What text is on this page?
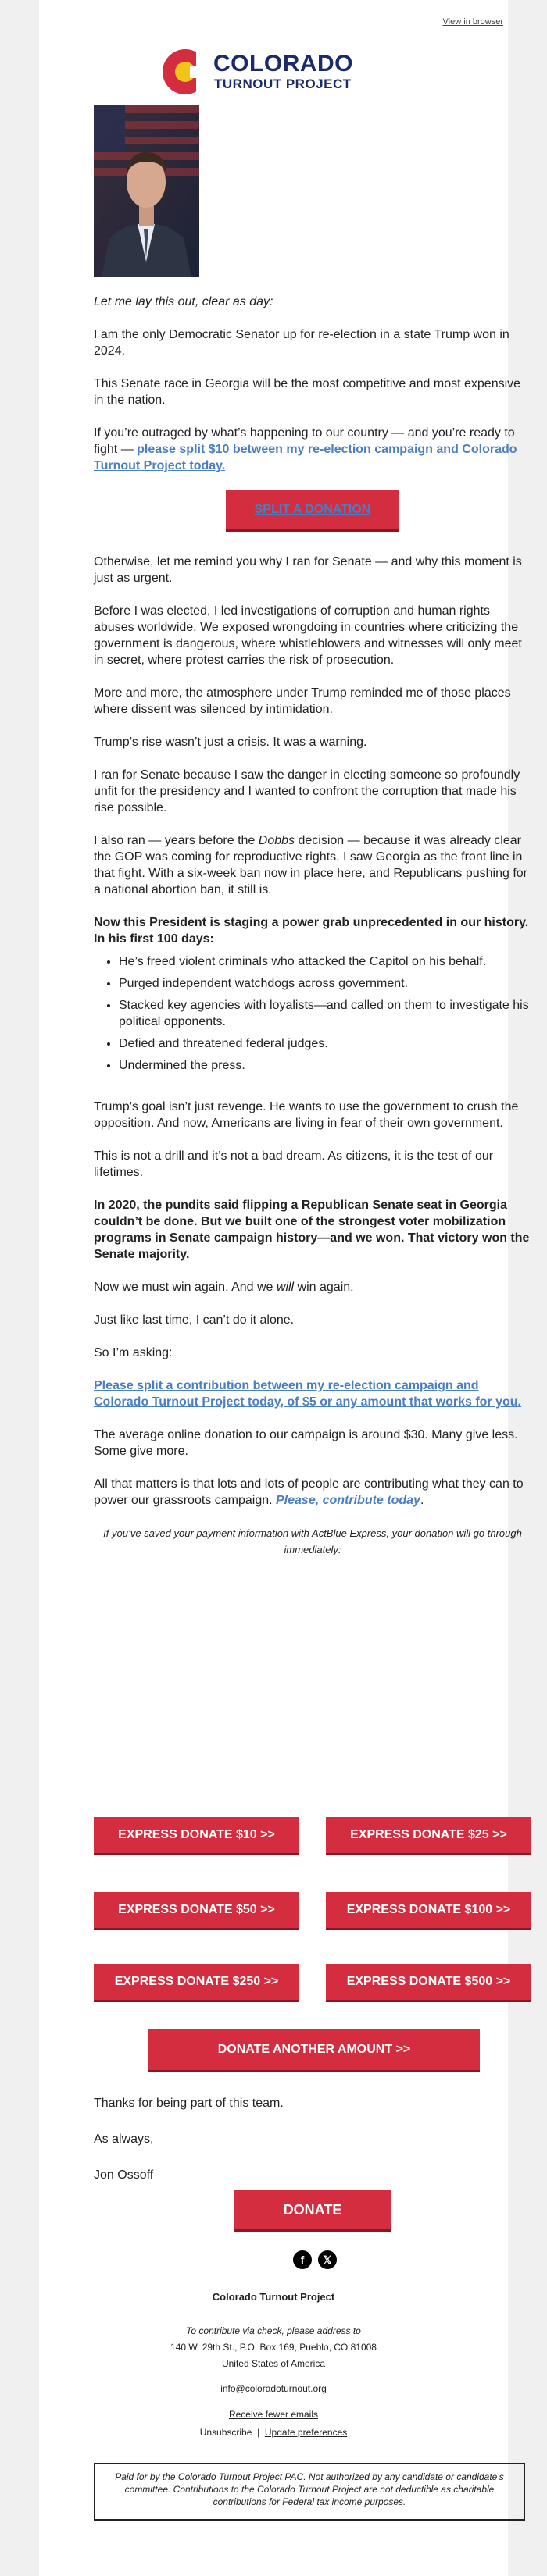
View in browser
COLORADO
TURNOUT PROJECT

Let me lay this out, clear as day:

I am the only Democratic Senator up for re-election in a state Trump won in 2024.

This Senate race in Georgia will be the most competitive and most expensive in the nation.

If you’re outraged by what’s happening to our country — and you’re ready to fight — please split $10 between my re-election campaign and Colorado Turnout Project today.

SPLIT A DONATION

Otherwise, let me remind you why I ran for Senate — and why this moment is just as urgent.

Before I was elected, I led investigations of corruption and human rights abuses worldwide. We exposed wrongdoing in countries where criticizing the government is dangerous, where whistleblowers and witnesses will only meet in secret, where protest carries the risk of prosecution.

More and more, the atmosphere under Trump reminded me of those places where dissent was silenced by intimidation.

Trump’s rise wasn’t just a crisis. It was a warning.

I ran for Senate because I saw the danger in electing someone so profoundly unfit for the presidency and I wanted to confront the corruption that made his rise possible.

I also ran — years before the Dobbs decision — because it was already clear the GOP was coming for reproductive rights. I saw Georgia as the front line in that fight. With a six-week ban now in place here, and Republicans pushing for a national abortion ban, it still is.

Now this President is staging a power grab unprecedented in our history. In his first 100 days:

• He’s freed violent criminals who attacked the Capitol on his behalf.
• Purged independent watchdogs across government.
• Stacked key agencies with loyalists—and called on them to investigate his political opponents.
• Defied and threatened federal judges.
• Undermined the press.

Trump’s goal isn’t just revenge. He wants to use the government to crush the opposition. And now, Americans are living in fear of their own government.

This is not a drill and it’s not a bad dream. As citizens, it is the test of our lifetimes.

In 2020, the pundits said flipping a Republican Senate seat in Georgia couldn’t be done. But we built one of the strongest voter mobilization programs in Senate campaign history—and we won. That victory won the Senate majority.

Now we must win again. And we will win again.

Just like last time, I can’t do it alone.

So I’m asking:

Please split a contribution between my re-election campaign and Colorado Turnout Project today, of $5 or any amount that works for you.

The average online donation to our campaign is around $30. Many give less. Some give more.

All that matters is that lots and lots of people are contributing what they can to power our grassroots campaign. Please, contribute today.

If you’ve saved your payment information with ActBlue Express, your donation will go through immediately:

EXPRESS DONATE $10 >>	EXPRESS DONATE $25 >>
EXPRESS DONATE $50 >>	EXPRESS DONATE $100 >>
EXPRESS DONATE $250 >>	EXPRESS DONATE $500 >>
DONATE ANOTHER AMOUNT >>
Thanks for being part of this team.
As always,
Jon Ossoff
DONATE
f	𝕏
Colorado Turnout Project
To contribute via check, please address to
140 W. 29th St., P.O. Box 169, Pueblo, CO 81008
United States of America
info@coloradoturnout.org
Receive fewer emails
Unsubscribe | Update preferences
Paid for by the Colorado Turnout Project PAC. Not authorized by any candidate or candidate’s committee. Contributions to the Colorado Turnout Project are not deductible as charitable contributions for Federal tax income purposes.
